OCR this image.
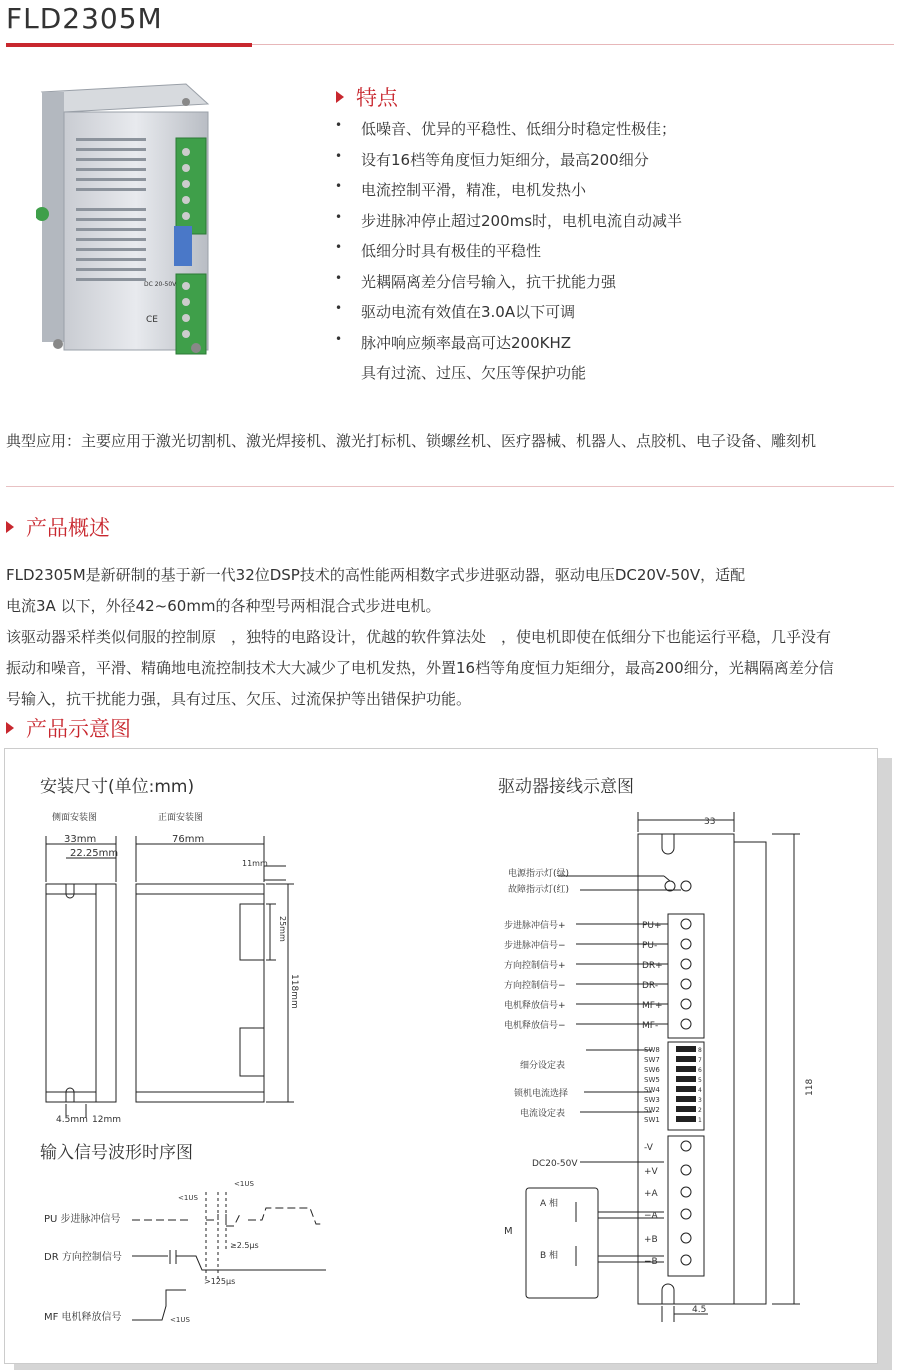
FLD2305M
DC 20-50V
CE
特点
• 低噪音、优异的平稳性、低细分时稳定性极佳；
• 设有16档等角度恒力矩细分，最高200细分
• 电流控制平滑，精准，电机发热小
• 步进脉冲停止超过200ms时，电机电流自动减半
• 低细分时具有极佳的平稳性
• 光耦隔离差分信号输入，抗干扰能力强
• 驱动电流有效值在3.0A以下可调
• 脉冲响应频率最高可达200KHZ
具有过流、过压、欠压等保护功能
典型应用：主要应用于激光切割机、激光焊接机、激光打标机、锁螺丝机、医疗器械、机器人、点胶机、电子设备、雕刻机
产品概述
FLD2305M是新研制的基于新一代32位DSP技术的高性能两相数字式步进驱动器，驱动电压DC20V-50V，适配
电流3A 以下，外径42~60mm的各种型号两相混合式步进电机。
该驱动器采样类似伺服的控制原　，独特的电路设计，优越的软件算法处　，使电机即使在低细分下也能运行平稳，几乎没有
振动和噪音，平滑、精确地电流控制技术大大减少了电机发热，外置16档等角度恒力矩细分，最高200细分，光耦隔离差分信
号输入，抗干扰能力强，具有过压、欠压、过流保护等出错保护功能。
产品示意图
安装尺寸(单位:mm)
侧面安装图	正面安装图
33mm
22.25mm
76mm
11mm
25mm
118mm
4.5mm 12mm
输入信号波形时序图
PU 步进脉冲信号
DR 方向控制信号
MF 电机释放信号
<1US
<1US
≥2.5μs
>125μs
<1US
驱动器接线示意图
33
118
4.5
电源指示灯(绿)
故障指示灯(红)
步进脉冲信号+
步进脉冲信号−
方向控制信号+
方向控制信号−
电机释放信号+
电机释放信号−
PU+
PU-
DR+
DR-
MF+
MF-
SW8
SW7
SW6
SW5
SW4
SW3
SW2
SW1
8
7
6
5
4
3
2
1
细分设定表
锁机电流选择
电流设定表
DC20-50V
-V
+V
+A
−A
+B
−B
A 相
B 相
M
